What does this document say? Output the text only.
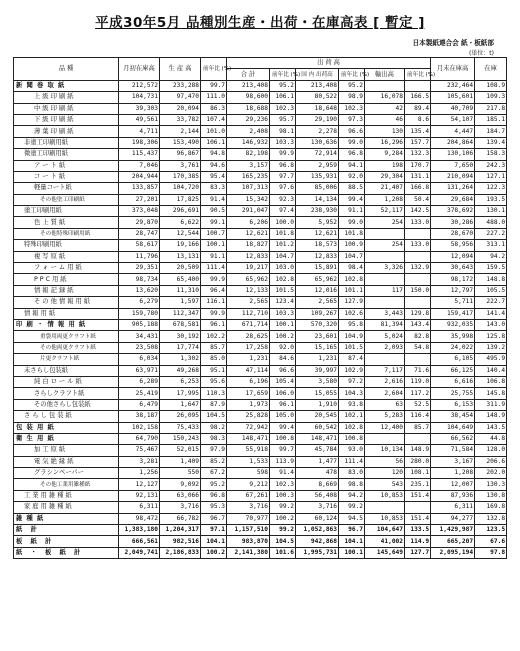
平成30年5月 品種別生産・出荷・在庫高表 [ 暫定 ]
日本製紙連合会 紙・板紙部
(単位：t)
品 種	月初在庫高	生 産 高	前年比 (%)	出 荷 高						月末在庫高	在庫
				合 計	前年比 (%)	国 内 出荷高	前年比 (%)	輸出高	前年比 (%)		
新 聞 巻 取 紙	212,572	233,288	99.7	213,408	95.2	213,408	95.2			232,464	108.9
上 級 印 刷 紙	104,731	97,470	111.0	98,600	106.1	80,522	98.9	16,078	166.5	105,601	109.3
中 級 印 刷 紙	39,303	20,094	86.3	18,688	102.3	18,648	102.3	42	89.4	40,709	217.8
下 級 印 刷 紙	49,561	33,782	107.4	29,236	95.7	29,190	97.3	46	8.6	54,107	185.1
薄 葉 印 刷 紙	4,711	2,144	101.0	2,408	98.1	2,278	96.6	130	135.4	4,447	184.7
非塗工印刷用紙	198,306	153,490	106.1	146,932	103.3	130,636	99.0	16,296	157.7	204,864	139.4
微塗工印刷用紙	115,437	96,867	94.8	82,198	99.9	72,914	96.8	9,284	132.3	130,106	158.3
ア ー ト 紙	7,046	3,761	94.6	3,157	96.8	2,959	94.1	198	170.7	7,650	242.3
コ ー ト 紙	204,944	170,385	95.4	165,235	97.7	135,931	92.0	29,304	131.1	210,094	127.1
軽量コート紙	133,857	104,720	83.3	107,313	97.6	85,006	88.5	21,407	166.8	131,264	122.3
その他塗工印刷紙	27,201	17,825	91.4	15,342	92.3	14,134	99.4	1,208	50.4	29,684	193.5
塗工印刷用紙	373,048	296,691	90.5	291,047	97.4	238,930	91.1	52,117	142.5	378,692	130.1
色 上 質 紙	29,870	6,622	99.1	6,206	100.0	5,952	99.0	254	133.0	30,286	488.0
その他特殊印刷用紙	28,747	12,544	100.7	12,621	101.8	12,621	101.8			28,670	227.2
特殊印刷用紙	58,617	19,166	100.1	18,827	101.2	18,573	100.9	254	133.0	58,956	313.1
複 写 原 紙	11,796	13,131	91.1	12,833	104.7	12,833	104.7			12,094	94.2
フ ォ ー ム 用 紙	29,351	20,509	111.4	19,217	103.0	15,891	98.4	3,326	132.9	30,643	159.5
P P C 用 紙	98,734	65,400	99.9	65,962	102.8	65,962	102.8			98,172	148.8
情 報 記 録 紙	13,620	11,310	96.4	12,133	101.5	12,016	101.1	117	150.0	12,797	105.5
そ の 他 情 報 用 紙	6,279	1,597	116.1	2,565	123.4	2,565	127.9			5,711	222.7
情 報 用 紙	159,780	112,347	99.9	112,710	103.3	109,267	102.6	3,443	129.8	159,417	141.4
印 刷 ・ 情 報 用 紙	905,188	678,581	96.1	671,714	100.1	570,320	95.8	81,394	143.4	932,035	143.0
重袋用両更クラフト紙	34,431	30,192	102.2	28,625	100.2	23,601	104.9	5,024	82.8	35,998	125.8
その他両更クラフト紙	23,508	17,774	85.7	17,258	92.0	15,165	101.5	2,093	54.8	24,022	139.2
片更クラフト紙	6,034	1,302	85.0	1,231	84.6	1,231	87.4			6,105	495.9
未さらし包装紙	63,971	49,268	95.1	47,114	96.6	39,997	102.9	7,117	71.6	66,125	140.4
純 白 ロ ー ル 紙	6,289	6,253	95.6	6,196	105.4	3,580	97.2	2,616	119.0	6,616	106.8
さらしクラフト紙	25,419	17,995	110.3	17,659	106.0	15,055	104.3	2,604	117.2	25,755	145.8
その他さらし包装紙	6,479	1,647	87.9	1,973	96.1	1,910	93.8	63	52.5	6,153	311.9
さ ら し 包 装 紙	38,187	26,095	104.5	25,828	105.0	20,545	102.1	5,283	116.4	38,454	148.9
包 装 用 紙	102,158	75,433	98.2	72,942	99.4	60,542	102.8	12,400	85.7	104,649	143.5
衛 生 用 紙	64,790	150,243	98.3	148,471	100.8	148,471	100.8			66,562	44.8
加 工 原 紙	75,467	52,015	97.9	55,918	99.7	45,784	93.0	10,134	148.9	71,584	128.0
電 気 絶 縁 紙	3,281	1,409	85.2	1,533	113.9	1,477	111.4	56	280.0	3,167	206.6
グラシンペーパー	1,256	550	67.2	598	91.4	478	83.0	120	108.1	1,208	202.0
その他工業用雑種紙	12,127	9,092	95.2	9,212	102.3	8,669	98.8	543	235.1	12,007	130.3
工 業 用 雑 種 紙	92,131	63,066	96.8	67,261	100.3	56,408	94.2	10,853	151.4	87,936	130.8
家 庭 用 雑 種 紙	6,311	3,716	95.3	3,716	99.2	3,716	99.2			6,311	169.8
雑 種 紙	98,472	66,782	96.7	70,977	100.2	60,124	94.5	10,853	151.4	94,277	132.8
紙 計	1,383,180	1,204,317	97.1	1,157,510	99.2	1,052,863	96.7	104,647	133.5	1,429,987	123.5
板 紙 計	666,561	982,516	104.1	983,870	104.5	942,868	104.1	41,002	114.9	665,207	67.6
紙 ・ 板 紙 計	2,049,741	2,186,833	100.2	2,141,380	101.6	1,995,731	100.1	145,649	127.7	2,095,194	97.8
